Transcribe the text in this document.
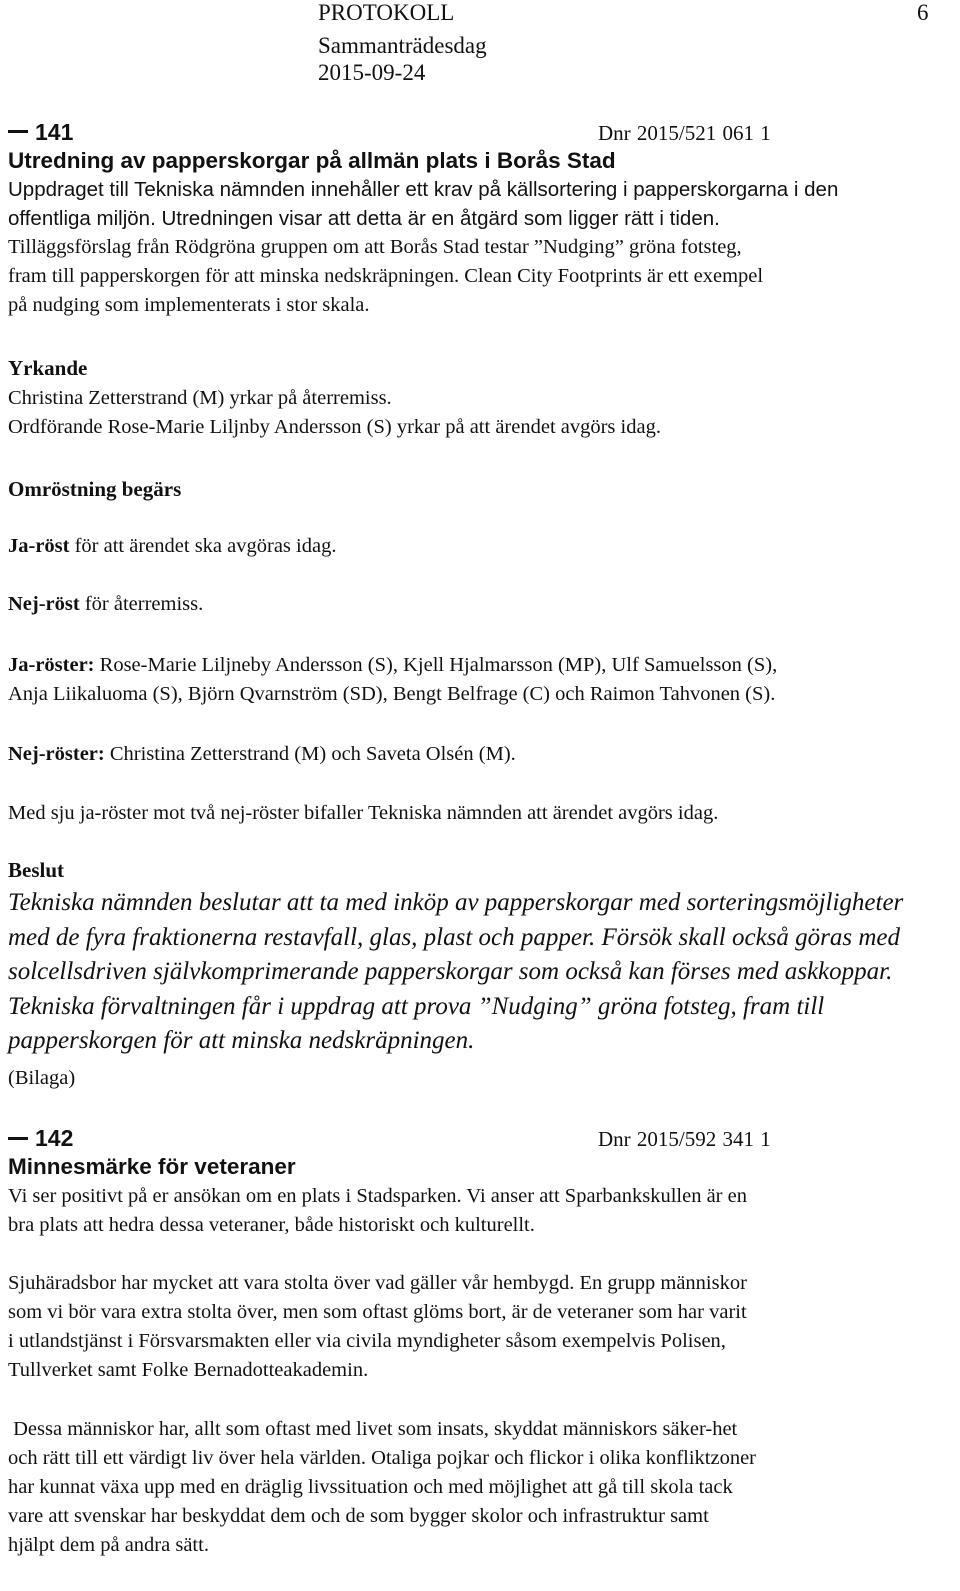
PROTOKOLL	6
Sammanträdesdag
2015-09-24
141	Dnr 2015/521 061 1
Utredning av papperskorgar på allmän plats i Borås Stad
Uppdraget till Tekniska nämnden innehåller ett krav på källsortering i papperskorgarna i den
offentliga miljön. Utredningen visar att detta är en åtgärd som ligger rätt i tiden.
Tilläggsförslag från Rödgröna gruppen om att Borås Stad testar ”Nudging” gröna fotsteg,
fram till papperskorgen för att minska nedskräpningen. Clean City Footprints är ett exempel
på nudging som implementerats i stor skala.
Yrkande
Christina Zetterstrand (M) yrkar på återremiss.
Ordförande Rose-Marie Liljnby Andersson (S) yrkar på att ärendet avgörs idag.
Omröstning begärs
Ja-röst för att ärendet ska avgöras idag.
Nej-röst för återremiss.
Ja-röster: Rose-Marie Liljneby Andersson (S), Kjell Hjalmarsson (MP), Ulf Samuelsson (S),
Anja Liikaluoma (S), Björn Qvarnström (SD), Bengt Belfrage (C) och Raimon Tahvonen (S).
Nej-röster: Christina Zetterstrand (M) och Saveta Olsén (M).
Med sju ja-röster mot två nej-röster bifaller Tekniska nämnden att ärendet avgörs idag.
Beslut
Tekniska nämnden beslutar att ta med inköp av papperskorgar med sorteringsmöjligheter
med de fyra fraktionerna restavfall, glas, plast och papper. Försök skall också göras med
solcellsdriven självkomprimerande papperskorgar som också kan förses med askkoppar.
Tekniska förvaltningen får i uppdrag att prova ”Nudging” gröna fotsteg, fram till
papperskorgen för att minska nedskräpningen.
(Bilaga)
142	Dnr 2015/592 341 1
Minnesmärke för veteraner
Vi ser positivt på er ansökan om en plats i Stadsparken. Vi anser att Sparbankskullen är en
bra plats att hedra dessa veteraner, både historiskt och kulturellt.
Sjuhäradsbor har mycket att vara stolta över vad gäller vår hembygd. En grupp människor
som vi bör vara extra stolta över, men som oftast glöms bort, är de veteraner som har varit
i utlandstjänst i Försvarsmakten eller via civila myndigheter såsom exempelvis Polisen,
Tullverket samt Folke Bernadotteakademin.
Dessa människor har, allt som oftast med livet som insats, skyddat människors säker-het
och rätt till ett värdigt liv över hela världen. Otaliga pojkar och flickor i olika konfliktzoner
har kunnat växa upp med en dräglig livssituation och med möjlighet att gå till skola tack
vare att svenskar har beskyddat dem och de som bygger skolor och infrastruktur samt
hjälpt dem på andra sätt.
